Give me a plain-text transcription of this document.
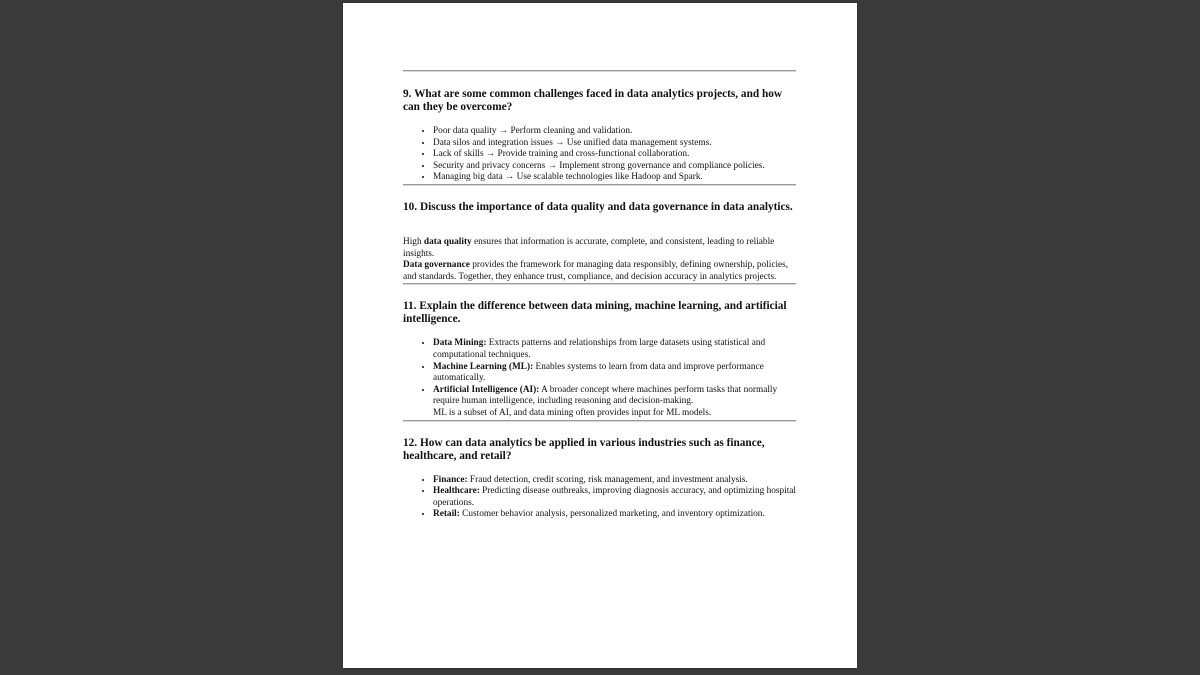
9. What are some common challenges faced in data analytics projects, and how can they be overcome?
• Poor data quality → Perform cleaning and validation.
• Data silos and integration issues → Use unified data management systems.
• Lack of skills → Provide training and cross-functional collaboration.
• Security and privacy concerns → Implement strong governance and compliance policies.
• Managing big data → Use scalable technologies like Hadoop and Spark.
10. Discuss the importance of data quality and data governance in data analytics.

High data quality ensures that information is accurate, complete, and consistent, leading to reliable insights.
Data governance provides the framework for managing data responsibly, defining ownership, policies, and standards. Together, they enhance trust, compliance, and decision accuracy in analytics projects.

11. Explain the difference between data mining, machine learning, and artificial intelligence.
• Data Mining: Extracts patterns and relationships from large datasets using statistical and computational techniques.
• Machine Learning (ML): Enables systems to learn from data and improve performance automatically.
• Artificial Intelligence (AI): A broader concept where machines perform tasks that normally require human intelligence, including reasoning and decision-making.
ML is a subset of AI, and data mining often provides input for ML models.
12. How can data analytics be applied in various industries such as finance, healthcare, and retail?
• Finance: Fraud detection, credit scoring, risk management, and investment analysis.
• Healthcare: Predicting disease outbreaks, improving diagnosis accuracy, and optimizing hospital operations.
• Retail: Customer behavior analysis, personalized marketing, and inventory optimization.
